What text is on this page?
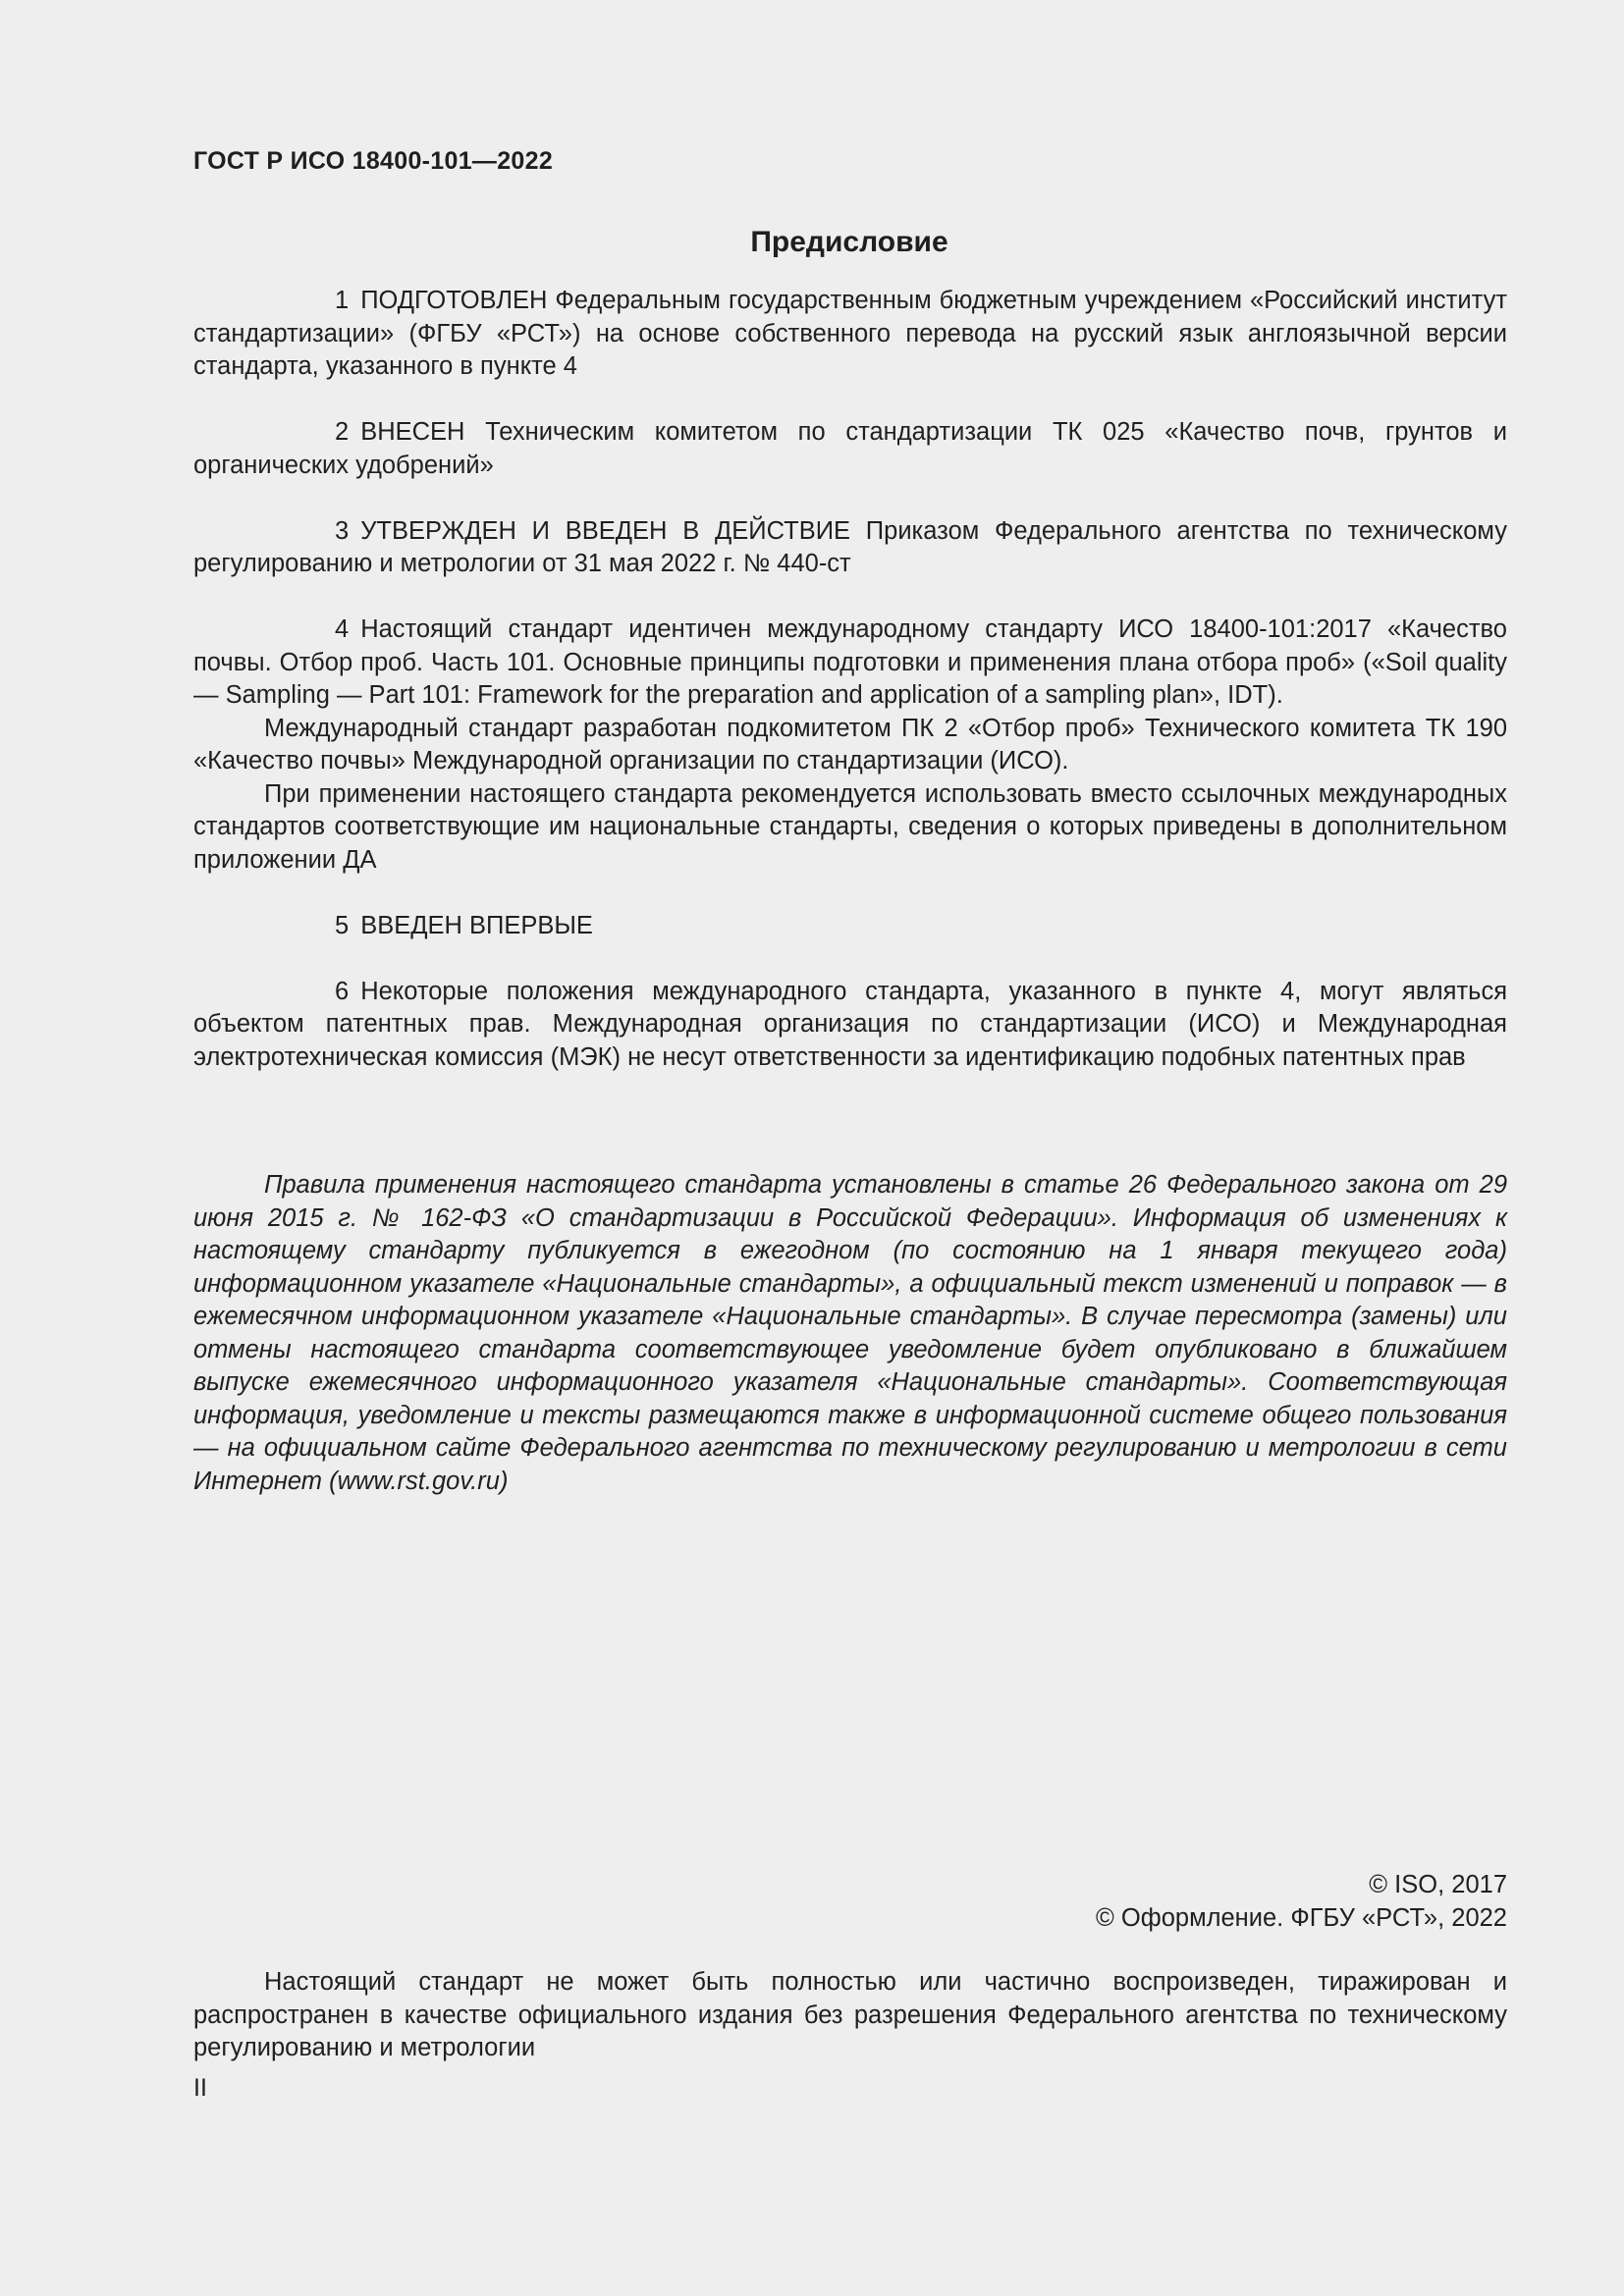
ГОСТ Р ИСО 18400-101—2022
Предисловие

1 ПОДГОТОВЛЕН Федеральным государственным бюджетным учреждением «Российский институт стандартизации» (ФГБУ «РСТ») на основе собственного перевода на русский язык англоязычной версии стандарта, указанного в пункте 4

2 ВНЕСЕН Техническим комитетом по стандартизации ТК 025 «Качество почв, грунтов и органических удобрений»

3 УТВЕРЖДЕН И ВВЕДЕН В ДЕЙСТВИЕ Приказом Федерального агентства по техническому регулированию и метрологии от 31 мая 2022 г. № 440-ст

4 Настоящий стандарт идентичен международному стандарту ИСО 18400-101:2017 «Качество почвы. Отбор проб. Часть 101. Основные принципы подготовки и применения плана отбора проб» («Soil quality — Sampling — Part 101: Framework for the preparation and application of a sampling plan», IDT).

Международный стандарт разработан подкомитетом ПК 2 «Отбор проб» Технического комитета ТК 190 «Качество почвы» Международной организации по стандартизации (ИСО).

При применении настоящего стандарта рекомендуется использовать вместо ссылочных международных стандартов соответствующие им национальные стандарты, сведения о которых приведены в дополнительном приложении ДА

5 ВВЕДЕН ВПЕРВЫЕ

6 Некоторые положения международного стандарта, указанного в пункте 4, могут являться объектом патентных прав. Международная организация по стандартизации (ИСО) и Международная электротехническая комиссия (МЭК) не несут ответственности за идентификацию подобных патентных прав

Правила применения настоящего стандарта установлены в статье 26 Федерального закона от 29 июня 2015 г. № 162-ФЗ «О стандартизации в Российской Федерации». Информация об изменениях к настоящему стандарту публикуется в ежегодном (по состоянию на 1 января текущего года) информационном указателе «Национальные стандарты», а официальный текст изменений и поправок — в ежемесячном информационном указателе «Национальные стандарты». В случае пересмотра (замены) или отмены настоящего стандарта соответствующее уведомление будет опубликовано в ближайшем выпуске ежемесячного информационного указателя «Национальные стандарты». Соответствующая информация, уведомление и тексты размещаются также в информационной системе общего пользования — на официальном сайте Федерального агентства по техническому регулированию и метрологии в сети Интернет (www.rst.gov.ru)

© ISO, 2017
© Оформление. ФГБУ «РСТ», 2022

Настоящий стандарт не может быть полностью или частично воспроизведен, тиражирован и распространен в качестве официального издания без разрешения Федерального агентства по техническому регулированию и метрологии

II
